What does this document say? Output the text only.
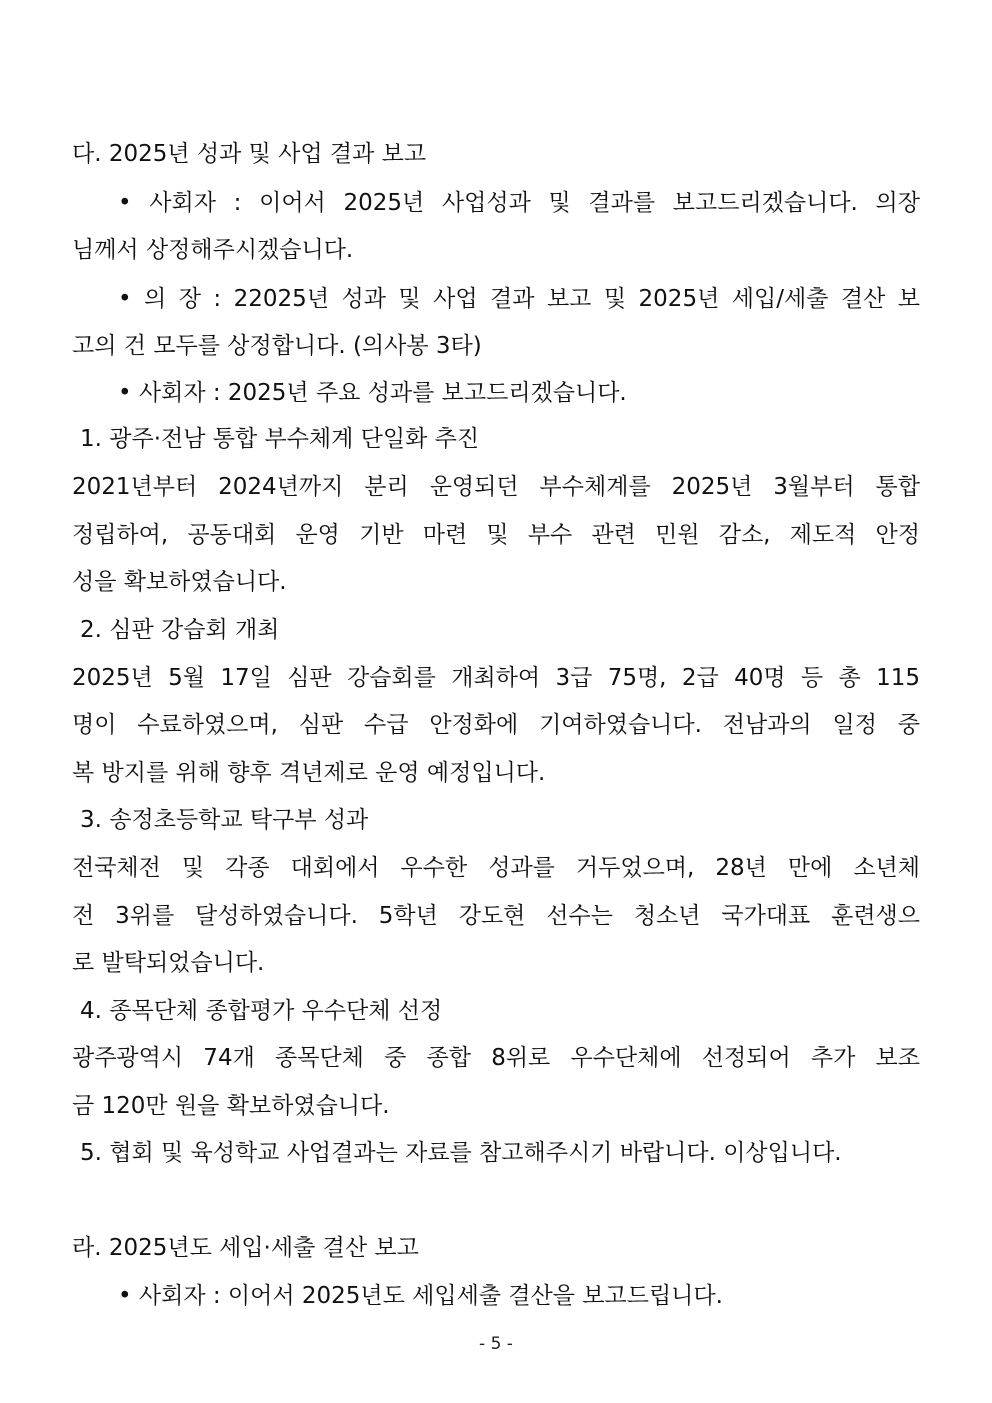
다. 2025년 성과 및 사업 결과 보고
• 사회자 : 이어서 2025년 사업성과 및 결과를 보고드리겠습니다. 의장
님께서 상정해주시겠습니다.
• 의 장 : 22025년 성과 및 사업 결과 보고 및 2025년 세입/세출 결산 보
고의 건 모두를 상정합니다. (의사봉 3타)
• 사회자 : 2025년 주요 성과를 보고드리겠습니다.
1. 광주·전남 통합 부수체계 단일화 추진
2021년부터 2024년까지 분리 운영되던 부수체계를 2025년 3월부터 통합
정립하여, 공동대회 운영 기반 마련 및 부수 관련 민원 감소, 제도적 안정
성을 확보하였습니다.
2. 심판 강습회 개최
2025년 5월 17일 심판 강습회를 개최하여 3급 75명, 2급 40명 등 총 115
명이 수료하였으며, 심판 수급 안정화에 기여하였습니다. 전남과의 일정 중
복 방지를 위해 향후 격년제로 운영 예정입니다.
3. 송정초등학교 탁구부 성과
전국체전 및 각종 대회에서 우수한 성과를 거두었으며, 28년 만에 소년체
전 3위를 달성하였습니다. 5학년 강도현 선수는 청소년 국가대표 훈련생으
로 발탁되었습니다.
4. 종목단체 종합평가 우수단체 선정
광주광역시 74개 종목단체 중 종합 8위로 우수단체에 선정되어 추가 보조
금 120만 원을 확보하였습니다.
5. 협회 및 육성학교 사업결과는 자료를 참고해주시기 바랍니다. 이상입니다.
라. 2025년도 세입·세출 결산 보고
• 사회자 : 이어서 2025년도 세입세출 결산을 보고드립니다.
- 5 -
